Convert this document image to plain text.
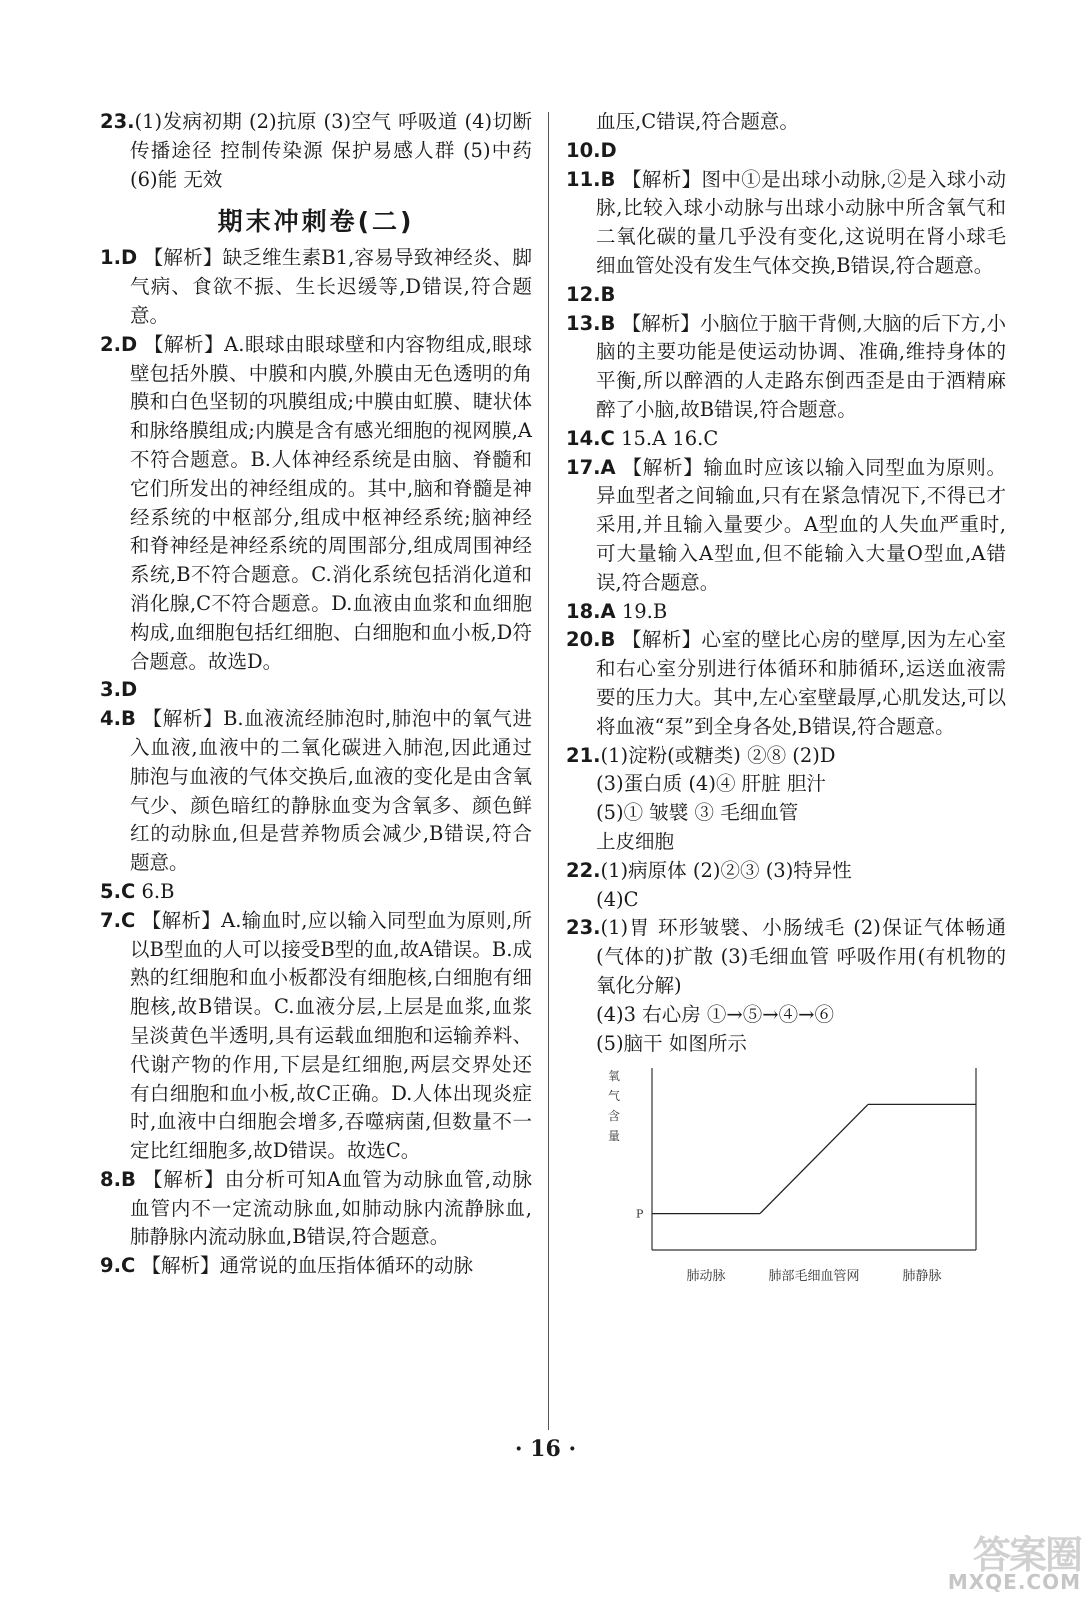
23.(1)发病初期 (2)抗原 (3)空气 呼吸道 (4)切断传播途径 控制传染源 保护易感人群 (5)中药 (6)能 无效

期末冲刺卷(二)

1.D 【解析】缺乏维生素B1,容易导致神经炎、脚气病、食欲不振、生长迟缓等,D错误,符合题意。

2.D 【解析】A.眼球由眼球壁和内容物组成,眼球壁包括外膜、中膜和内膜,外膜由无色透明的角膜和白色坚韧的巩膜组成;中膜由虹膜、睫状体和脉络膜组成;内膜是含有感光细胞的视网膜,A不符合题意。B.人体神经系统是由脑、脊髓和它们所发出的神经组成的。其中,脑和脊髓是神经系统的中枢部分,组成中枢神经系统;脑神经和脊神经是神经系统的周围部分,组成周围神经系统,B不符合题意。C.消化系统包括消化道和消化腺,C不符合题意。D.血液由血浆和血细胞构成,血细胞包括红细胞、白细胞和血小板,D符合题意。故选D。

3.D

4.B 【解析】B.血液流经肺泡时,肺泡中的氧气进入血液,血液中的二氧化碳进入肺泡,因此通过肺泡与血液的气体交换后,血液的变化是由含氧气少、颜色暗红的静脉血变为含氧多、颜色鲜红的动脉血,但是营养物质会减少,B错误,符合题意。

5.C 6.B

7.C 【解析】A.输血时,应以输入同型血为原则,所以B型血的人可以接受B型的血,故A错误。B.成熟的红细胞和血小板都没有细胞核,白细胞有细胞核,故B错误。C.血液分层,上层是血浆,血浆呈淡黄色半透明,具有运载血细胞和运输养料、代谢产物的作用,下层是红细胞,两层交界处还有白细胞和血小板,故C正确。D.人体出现炎症时,血液中白细胞会增多,吞噬病菌,但数量不一定比红细胞多,故D错误。故选C。

8.B 【解析】由分析可知A血管为动脉血管,动脉血管内不一定流动脉血,如肺动脉内流静脉血,肺静脉内流动脉血,B错误,符合题意。

9.C 【解析】通常说的血压指体循环的动脉

血压,C错误,符合题意。

10.D

11.B 【解析】图中①是出球小动脉,②是入球小动脉,比较入球小动脉与出球小动脉中所含氧气和二氧化碳的量几乎没有变化,这说明在肾小球毛细血管处没有发生气体交换,B错误,符合题意。

12.B

13.B 【解析】小脑位于脑干背侧,大脑的后下方,小脑的主要功能是使运动协调、准确,维持身体的平衡,所以醉酒的人走路东倒西歪是由于酒精麻醉了小脑,故B错误,符合题意。

14.C 15.A 16.C

17.A 【解析】输血时应该以输入同型血为原则。异血型者之间输血,只有在紧急情况下,不得已才采用,并且输入量要少。A型血的人失血严重时,可大量输入A型血,但不能输入大量O型血,A错误,符合题意。

18.A 19.B

20.B 【解析】心室的壁比心房的壁厚,因为左心室和右心室分别进行体循环和肺循环,运送血液需要的压力大。其中,左心室壁最厚,心肌发达,可以将血液“泵”到全身各处,B错误,符合题意。

21.(1)淀粉(或糖类) ②⑧ (2)D

(3)蛋白质 (4)④ 肝脏 胆汁

(5)① 皱襞 ③ 毛细血管

上皮细胞

22.(1)病原体 (2)②③ (3)特异性

(4)C

23.(1)胃 环形皱襞、小肠绒毛 (2)保证气体畅通 (气体的)扩散 (3)毛细血管 呼吸作用(有机物的氧化分解)

(4)3 右心房 ①→⑤→④→⑥

(5)脑干 如图所示

氧
气
含
量
P
肺动脉	肺部毛细血管网	肺静脉
· 16 ·
答案圈
MXQE.COM
